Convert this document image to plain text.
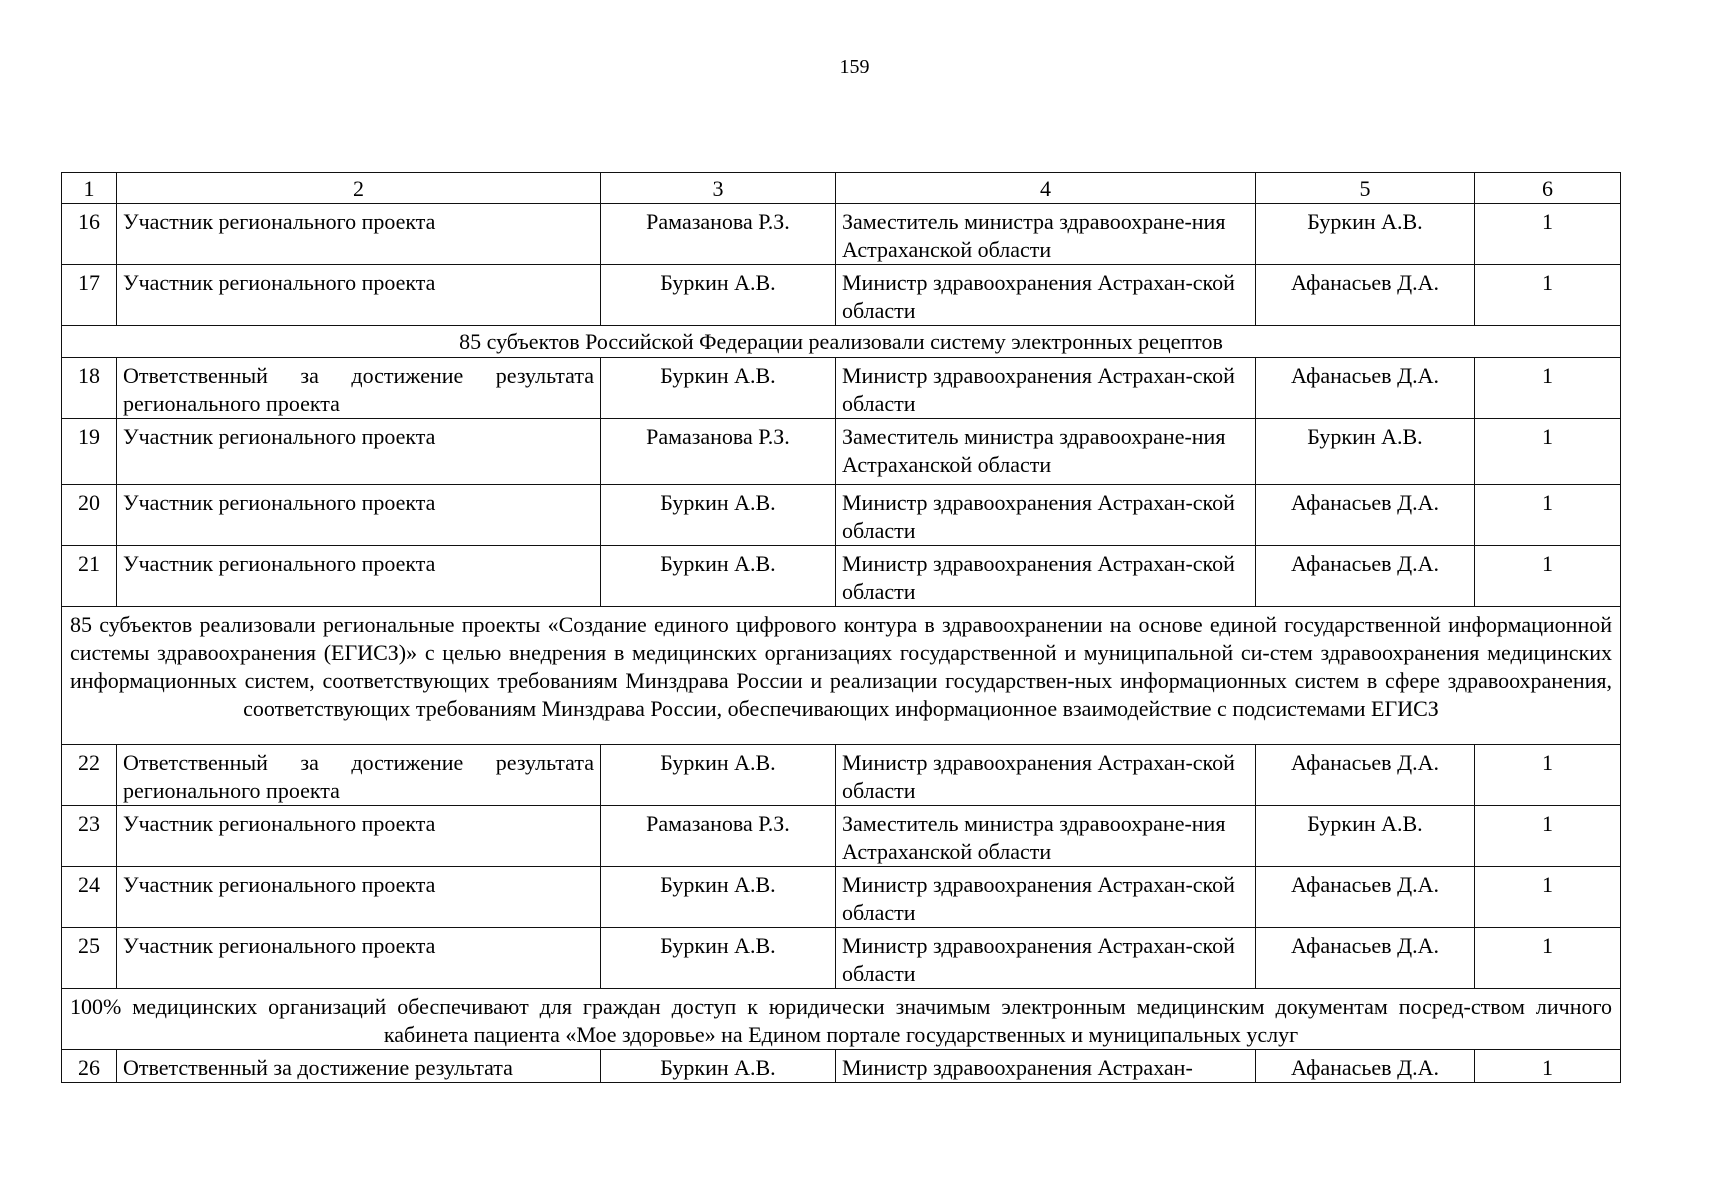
159
1	2	3	4	5	6
16	Участник регионального проекта	Рамазанова Р.З.	Заместитель министра здравоохране-ния Астраханской области	Буркин А.В.	1
17	Участник регионального проекта	Буркин А.В.	Министр здравоохранения Астрахан-ской области	Афанасьев Д.А.	1
85 субъектов Российской Федерации реализовали систему электронных рецептов					
18	Ответственный за достижение результата регионального проекта	Буркин А.В.	Министр здравоохранения Астрахан-ской области	Афанасьев Д.А.	1
19	Участник регионального проекта	Рамазанова Р.З.	Заместитель министра здравоохране-ния Астраханской области	Буркин А.В.	1
20	Участник регионального проекта	Буркин А.В.	Министр здравоохранения Астрахан-ской области	Афанасьев Д.А.	1
21	Участник регионального проекта	Буркин А.В.	Министр здравоохранения Астрахан-ской области	Афанасьев Д.А.	1
85 субъектов реализовали региональные проекты «Создание единого цифрового контура в здравоохранении на основе единой государственной информационной системы здравоохранения (ЕГИСЗ)» с целью внедрения в медицинских организациях государственной и муниципальной си-стем здравоохранения медицинских информационных систем, соответствующих требованиям Минздрава России и реализации государствен-ных информационных систем в сфере здравоохранения, соответствующих требованиям Минздрава России, обеспечивающих информационное взаимодействие с подсистемами ЕГИСЗ					
22	Ответственный за достижение результата регионального проекта	Буркин А.В.	Министр здравоохранения Астрахан-ской области	Афанасьев Д.А.	1
23	Участник регионального проекта	Рамазанова Р.З.	Заместитель министра здравоохране-ния Астраханской области	Буркин А.В.	1
24	Участник регионального проекта	Буркин А.В.	Министр здравоохранения Астрахан-ской области	Афанасьев Д.А.	1
25	Участник регионального проекта	Буркин А.В.	Министр здравоохранения Астрахан-ской области	Афанасьев Д.А.	1
100% медицинских организаций обеспечивают для граждан доступ к юридически значимым электронным медицинским документам посред-ством личного кабинета пациента «Мое здоровье» на Едином портале государственных и муниципальных услуг					
26	Ответственный за достижение результата	Буркин А.В.	Министр здравоохранения Астрахан-	Афанасьев Д.А.	1
